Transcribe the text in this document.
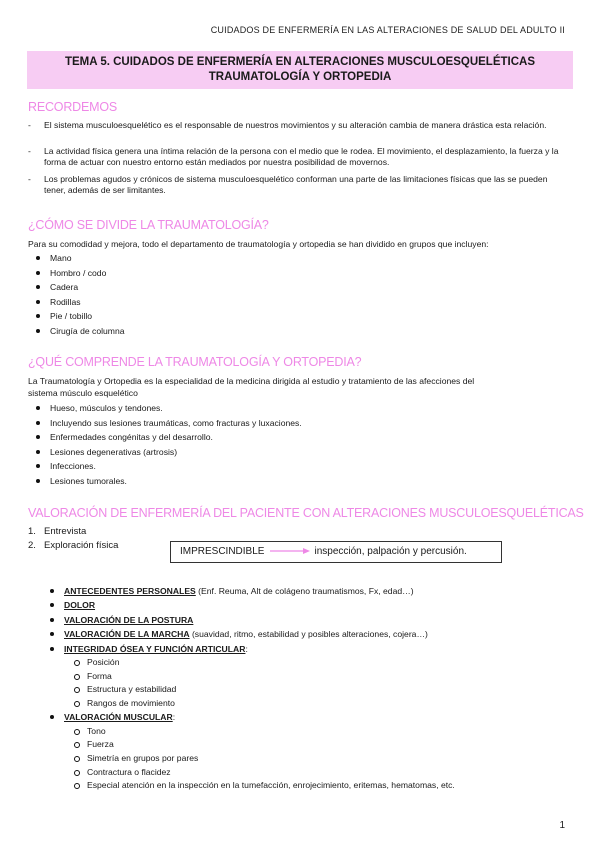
CUIDADOS DE ENFERMERÍA EN LAS ALTERACIONES DE SALUD DEL ADULTO II
TEMA 5. CUIDADOS DE ENFERMERÍA EN ALTERACIONES MUSCULOESQUELÉTICAS
TRAUMATOLOGÍA Y ORTOPEDIA
RECORDEMOS
- El sistema musculoesquelético es el responsable de nuestros movimientos y su alteración cambia de manera drástica esta relación.
- La actividad física genera una íntima relación de la persona con el medio que le rodea. El movimiento, el desplazamiento, la fuerza y la forma de actuar con nuestro entorno están mediados por nuestra posibilidad de movernos.
- Los problemas agudos y crónicos de sistema musculoesquelético conforman una parte de las limitaciones físicas que las se pueden tener, además de ser limitantes.
¿CÓMO SE DIVIDE LA TRAUMATOLOGÍA?
Para su comodidad y mejora, todo el departamento de traumatología y ortopedia se han dividido en grupos que incluyen:
Mano
Hombro / codo
Cadera
Rodillas
Pie / tobillo
Cirugía de columna
¿QUÉ COMPRENDE LA TRAUMATOLOGÍA Y ORTOPEDIA?
La Traumatología y Ortopedia es la especialidad de la medicina dirigida al estudio y tratamiento de las afecciones del
sistema músculo esquelético
Hueso, músculos y tendones.
Incluyendo sus lesiones traumáticas, como fracturas y luxaciones.
Enfermedades congénitas y del desarrollo.
Lesiones degenerativas (artrosis)
Infecciones.
Lesiones tumorales.
VALORACIÓN DE ENFERMERÍA DEL PACIENTE CON ALTERACIONES MUSCULOESQUELÉTICAS
1. Entrevista
2. Exploración física
IMPRESCINDIBLE	inspección, palpación y percusión.
ANTECEDENTES PERSONALES (Enf. Reuma, Alt de colágeno traumatismos, Fx, edad…)
DOLOR
VALORACIÓN DE LA POSTURA
VALORACIÓN DE LA MARCHA (suavidad, ritmo, estabilidad y posibles alteraciones, cojera…)
INTEGRIDAD ÓSEA Y FUNCIÓN ARTICULAR:
Posición
Forma
Estructura y estabilidad
Rangos de movimiento
VALORACIÓN MUSCULAR:
Tono
Fuerza
Simetría en grupos por pares
Contractura o flacidez
Especial atención en la inspección en la tumefacción, enrojecimiento, eritemas, hematomas, etc.
1
